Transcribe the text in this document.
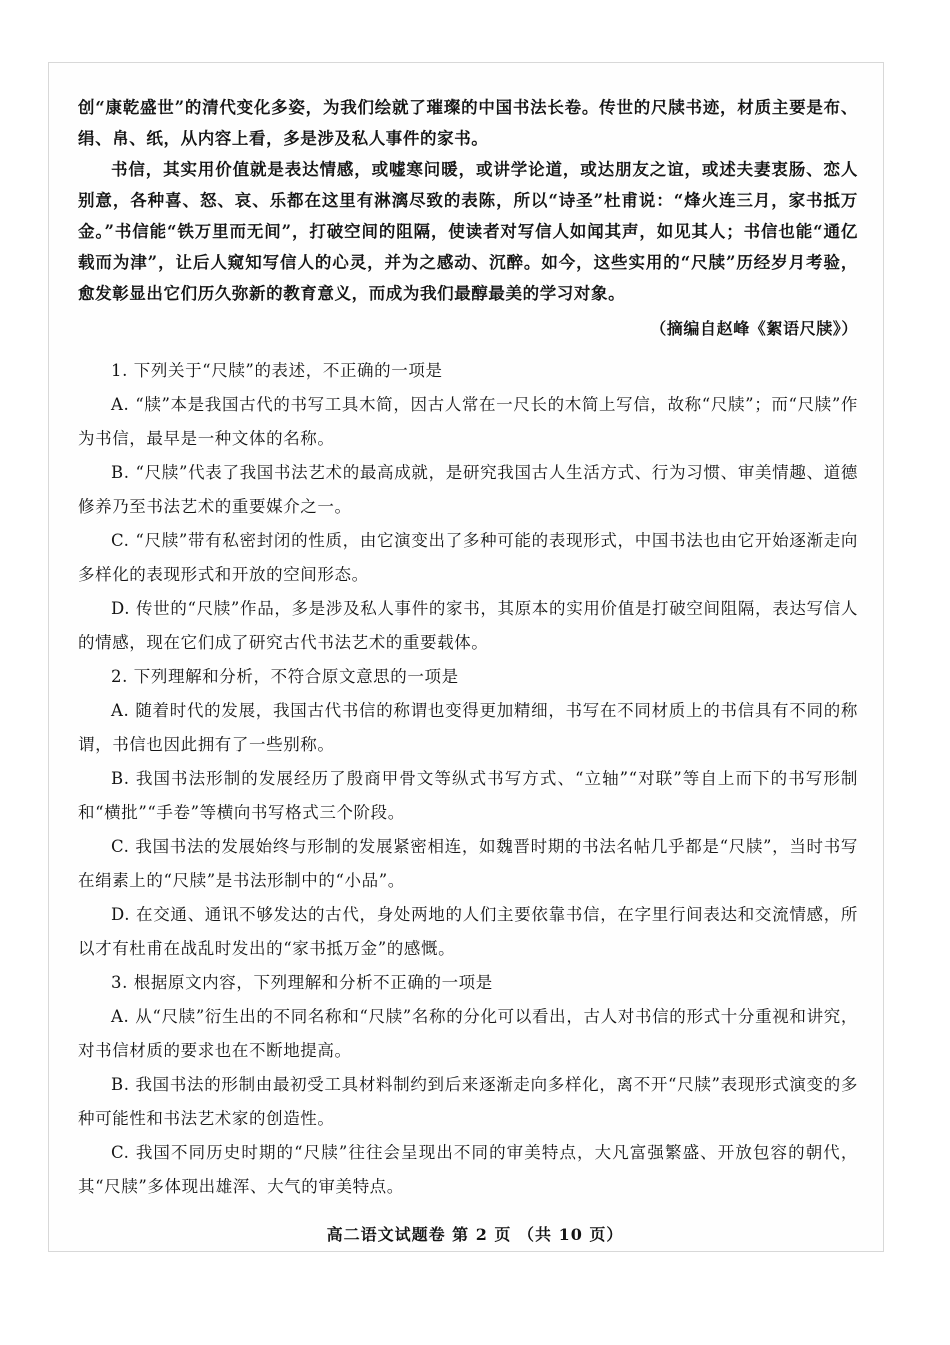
创“康乾盛世”的清代变化多姿，为我们绘就了璀璨的中国书法长卷。传世的尺牍书迹，材质主要是布、绢、帛、纸，从内容上看，多是涉及私人事件的家书。

书信，其实用价值就是表达情感，或嘘寒问暖，或讲学论道，或达朋友之谊，或述夫妻衷肠、恋人别意，各种喜、怒、哀、乐都在这里有淋漓尽致的表陈，所以“诗圣”杜甫说：“烽火连三月，家书抵万金。”书信能“铁万里而无间”，打破空间的阻隔，使读者对写信人如闻其声，如见其人；书信也能“通亿载而为津”，让后人窥知写信人的心灵，并为之感动、沉醉。如今，这些实用的“尺牍”历经岁月考验，愈发彰显出它们历久弥新的教育意义，而成为我们最醇最美的学习对象。

（摘编自赵峰《絮语尺牍》）

1. 下列关于“尺牍”的表述，不正确的一项是

A. “牍”本是我国古代的书写工具木简，因古人常在一尺长的木简上写信，故称“尺牍”；而“尺牍”作为书信，最早是一种文体的名称。

B. “尺牍”代表了我国书法艺术的最高成就，是研究我国古人生活方式、行为习惯、审美情趣、道德修养乃至书法艺术的重要媒介之一。

C. “尺牍”带有私密封闭的性质，由它演变出了多种可能的表现形式，中国书法也由它开始逐渐走向多样化的表现形式和开放的空间形态。

D. 传世的“尺牍”作品，多是涉及私人事件的家书，其原本的实用价值是打破空间阻隔，表达写信人的情感，现在它们成了研究古代书法艺术的重要载体。

2. 下列理解和分析，不符合原文意思的一项是

A. 随着时代的发展，我国古代书信的称谓也变得更加精细，书写在不同材质上的书信具有不同的称谓，书信也因此拥有了一些别称。

B. 我国书法形制的发展经历了殷商甲骨文等纵式书写方式、“立轴”“对联”等自上而下的书写形制和“横批”“手卷”等横向书写格式三个阶段。

C. 我国书法的发展始终与形制的发展紧密相连，如魏晋时期的书法名帖几乎都是“尺牍”，当时书写在绢素上的“尺牍”是书法形制中的“小品”。

D. 在交通、通讯不够发达的古代，身处两地的人们主要依靠书信，在字里行间表达和交流情感，所以才有杜甫在战乱时发出的“家书抵万金”的感慨。

3. 根据原文内容，下列理解和分析不正确的一项是

A. 从“尺牍”衍生出的不同名称和“尺牍”名称的分化可以看出，古人对书信的形式十分重视和讲究，对书信材质的要求也在不断地提高。

B. 我国书法的形制由最初受工具材料制约到后来逐渐走向多样化，离不开“尺牍”表现形式演变的多种可能性和书法艺术家的创造性。

C. 我国不同历史时期的“尺牍”往往会呈现出不同的审美特点，大凡富强繁盛、开放包容的朝代，其“尺牍”多体现出雄浑、大气的审美特点。

高二语文试题卷 第 2 页 （共 10 页）
